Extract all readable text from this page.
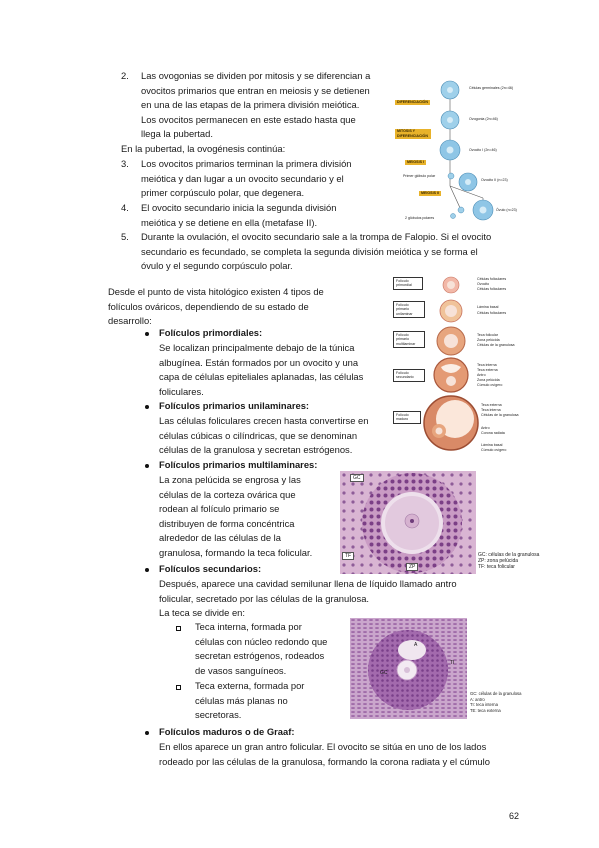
2. Las ovogonias se dividen por mitosis y se diferencian a
ovocitos primarios que entran en meiosis y se detienen
en una de las etapas de la primera división meiótica.
Los ovocitos permanecen en este estado hasta que
llega la pubertad.
En la pubertad, la ovogénesis continúa:
3. Los ovocitos primarios terminan la primera división
meiótica y dan lugar a un ovocito secundario y el
primer corpúsculo polar, que degenera.
4. El ovocito secundario inicia la segunda división
meiótica y se detiene en ella (metafase II).
5. Durante la ovulación, el ovocito secundario sale a la trompa de Falopio. Si el ovocito
secundario es fecundado, se completa la segunda división meiótica y se forma el
óvulo y el segundo corpúsculo polar.
DIFERENCIACIÓN
MITOSIS Y DIFERENCIACIÓN
MEIOSIS I
MEIOSIS II
Células germinales (2n=46)
Ovogonia (2n=46)
Ovocito I (2n=46)
Ovocito II (n=23)
Óvulo (n=23)
Primer glóbulo polar
2 glóbulos polares
Desde el punto de vista hitológico existen 4 tipos de
folículos ováricos, dependiendo de su estado de
desarrollo:
Folículo primordial
Folículo primario unilaminar
Folículo primario multilaminar
Folículo secundario
Folículo maduro
Células foliculares
Ovocito
Células foliculares
Lámina basal
Células foliculares
Teca folicular
Zona pelúcida
Células de la granulosa
Teca interna
Teca externa
Antro
Zona pelúcida
Cúmulo ovígero
Teca externa
Teca interna
Células de la granulosa
Antro
Corona radiata
Lámina basal
Cúmulo ovígero
Folículos primordiales:
Se localizan principalmente debajo de la túnica
albugínea. Están formados por un ovocito y una
capa de células epiteliales aplanadas, las células
foliculares.
Folículos primarios unilaminares:
Las células foliculares crecen hasta convertirse en
células cúbicas o cilíndricas, que se denominan
células de la granulosa y secretan estrógenos.
Folículos primarios multilaminares:
La zona pelúcida se engrosa y las
células de la corteza ovárica que
rodean al folículo primario se
distribuyen de forma concéntrica
alrededor de las células de la
granulosa, formando la teca folicular.
GC
ZP
TF	GC: células de la granulosa
ZP: zona pelúcida
TF: teca folicular
Folículos secundarios:
Después, aparece una cavidad semilunar llena de líquido llamado antro
folicular, secretado por las células de la granulosa.
La teca se divide en:
Teca interna, formada por
células con núcleo redondo que
secretan estrógenos, rodeados
de vasos sanguíneos.
Teca externa, formada por
células más planas no
secretoras.
A
GC
TI
GC: células de la granulosa
A: antro
TI: teca interna
TE: teca externa
Folículos maduros o de Graaf:
En ellos aparece un gran antro folicular. El ovocito se sitúa en uno de los lados
rodeado por las células de la granulosa, formando la corona radiata y el cúmulo
62
